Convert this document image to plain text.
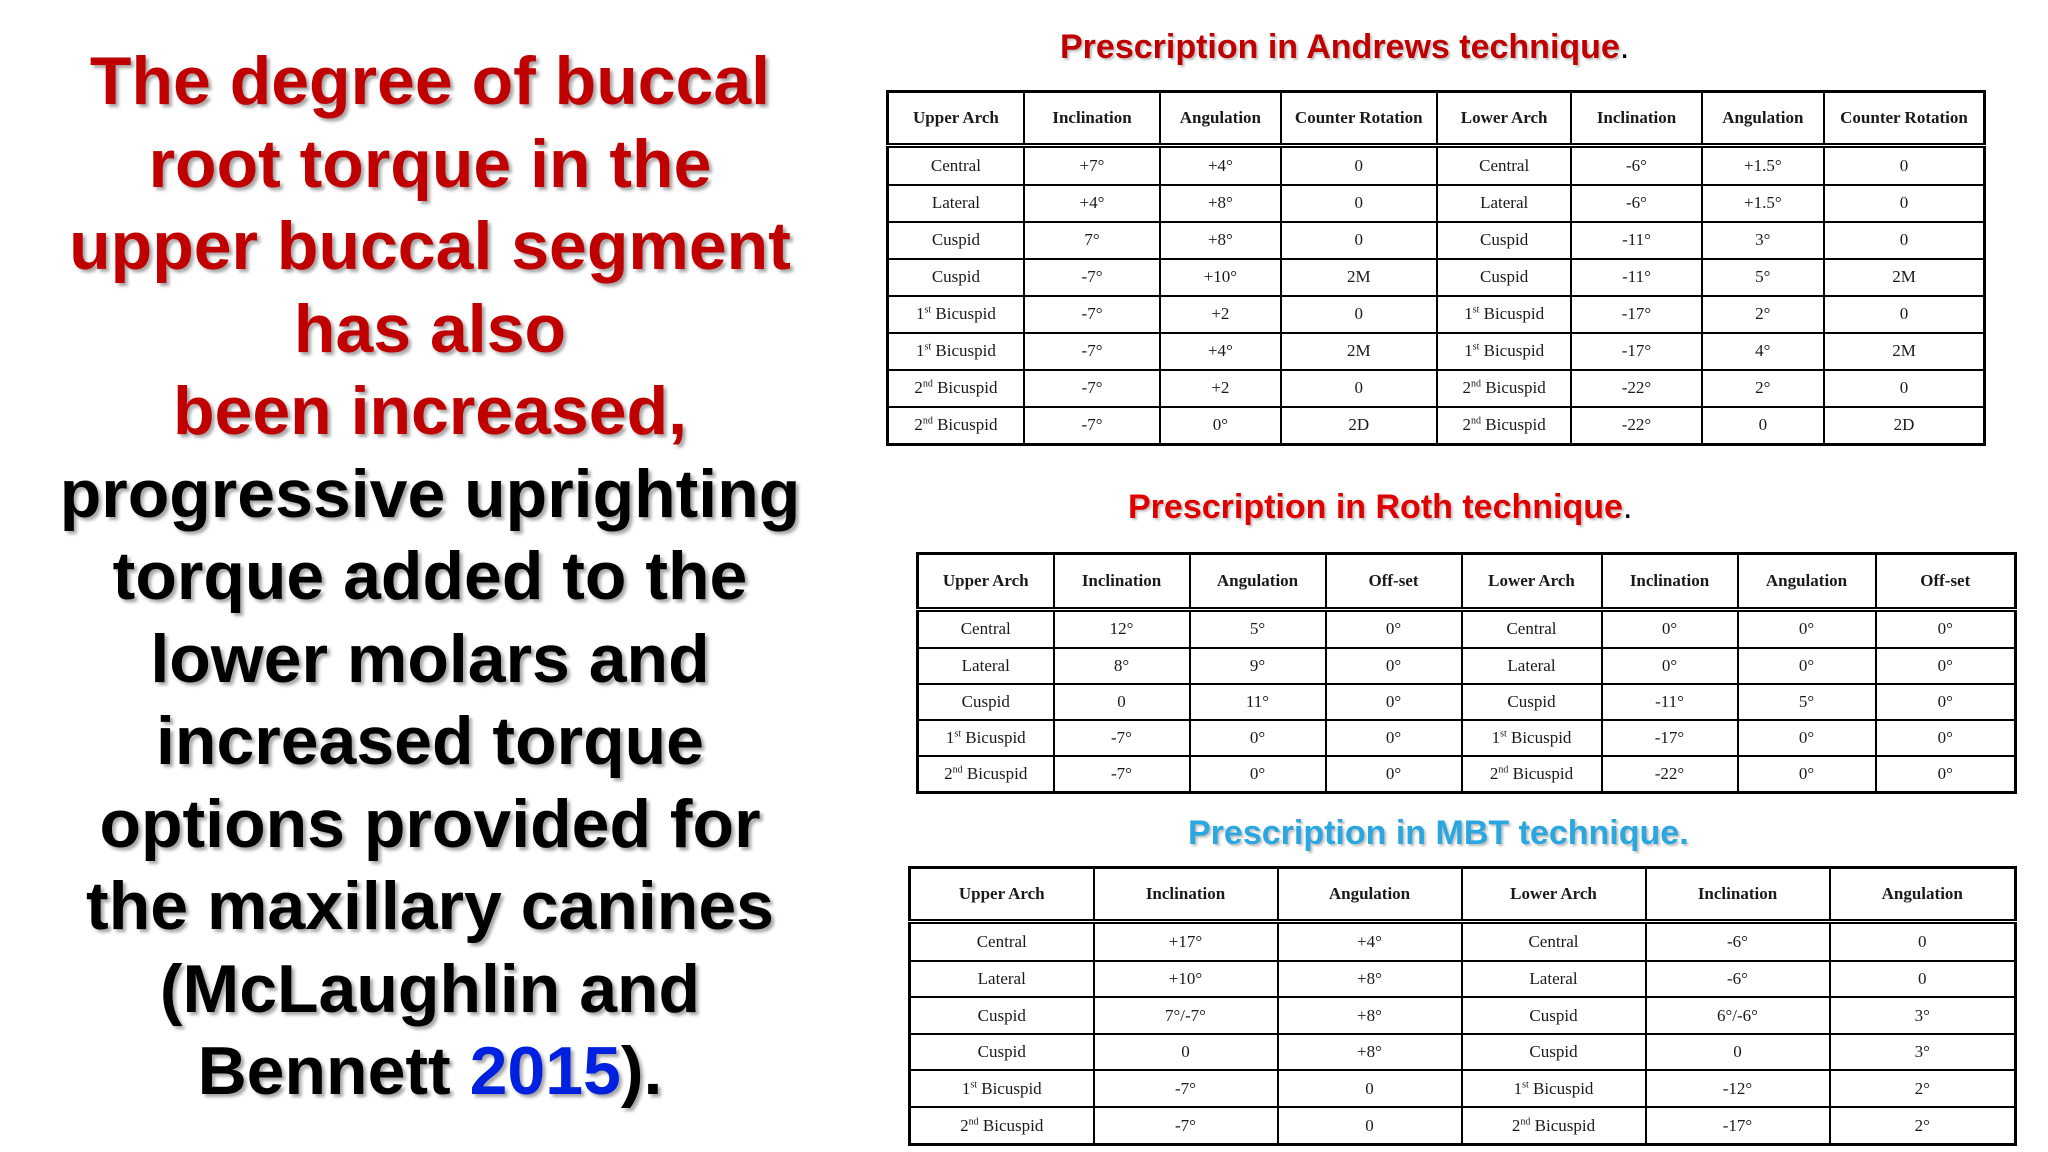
The degree of buccal
root torque in the
upper buccal segment
has also
been increased,
progressive uprighting
torque added to the
lower molars and
increased torque
options provided for
the maxillary canines
(McLaughlin and
Bennett 2015).
Prescription in Andrews technique.
Upper Arch	Inclination	Angulation	Counter Rotation	Lower Arch	Inclination	Angulation	Counter Rotation
Central	+7°	+4°	0	Central	-6°	+1.5°	0
Lateral	+4°	+8°	0	Lateral	-6°	+1.5°	0
Cuspid	7°	+8°	0	Cuspid	-11°	3°	0
Cuspid	-7°	+10°	2M	Cuspid	-11°	5°	2M
1st Bicuspid	-7°	+2	0	1st Bicuspid	-17°	2°	0
1st Bicuspid	-7°	+4°	2M	1st Bicuspid	-17°	4°	2M
2nd Bicuspid	-7°	+2	0	2nd Bicuspid	-22°	2°	0
2nd Bicuspid	-7°	0°	2D	2nd Bicuspid	-22°	0	2D
Prescription in Roth technique.
Upper Arch	Inclination	Angulation	Off-set	Lower Arch	Inclination	Angulation	Off-set
Central	12°	5°	0°	Central	0°	0°	0°
Lateral	8°	9°	0°	Lateral	0°	0°	0°
Cuspid	0	11°	0°	Cuspid	-11°	5°	0°
1st Bicuspid	-7°	0°	0°	1st Bicuspid	-17°	0°	0°
2nd Bicuspid	-7°	0°	0°	2nd Bicuspid	-22°	0°	0°
Prescription in MBT technique.
Upper Arch	Inclination	Angulation	Lower Arch	Inclination	Angulation
Central	+17°	+4°	Central	-6°	0
Lateral	+10°	+8°	Lateral	-6°	0
Cuspid	7°/-7°	+8°	Cuspid	6°/-6°	3°
Cuspid	0	+8°	Cuspid	0	3°
1st Bicuspid	-7°	0	1st Bicuspid	-12°	2°
2nd Bicuspid	-7°	0	2nd Bicuspid	-17°	2°
